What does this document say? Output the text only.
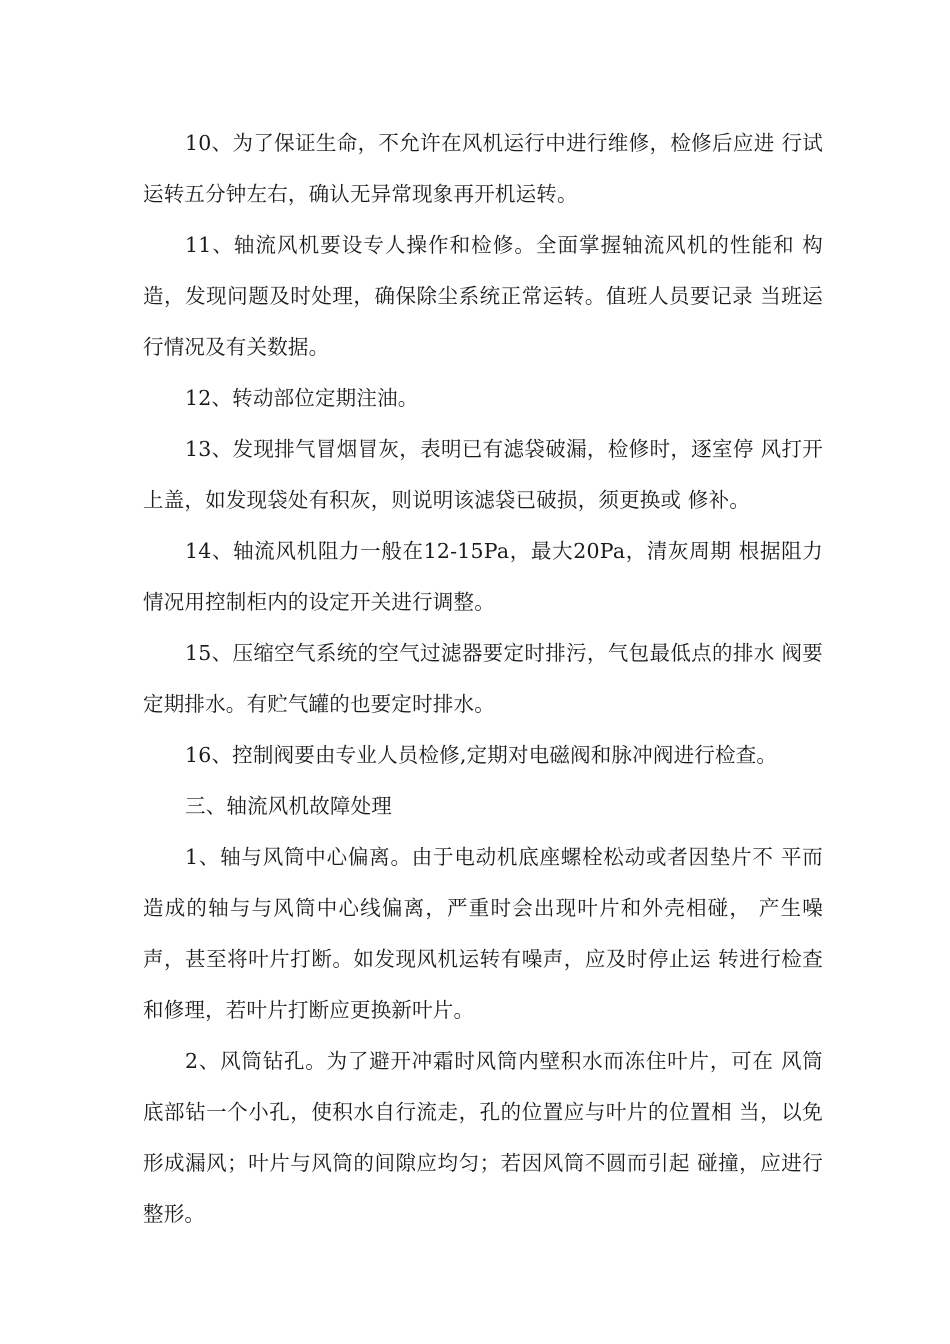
10、为了保证生命，不允许在风机运行中进行维修，检修后应进 行试运转五分钟左右，确认无异常现象再开机运转。

11、轴流风机要设专人操作和检修。全面掌握轴流风机的性能和 构造，发现问题及时处理，确保除尘系统正常运转。值班人员要记录 当班运行情况及有关数据。

12、转动部位定期注油。

13、发现排气冒烟冒灰，表明已有滤袋破漏，检修时，逐室停 风打开上盖，如发现袋处有积灰，则说明该滤袋已破损，须更换或 修补。

14、轴流风机阻力一般在12-15Pa，最大20Pa，清灰周期 根据阻力情况用控制柜内的设定开关进行调整。

15、压缩空气系统的空气过滤器要定时排污，气包最低点的排水 阀要定期排水。有贮气罐的也要定时排水。

16、控制阀要由专业人员检修,定期对电磁阀和脉冲阀进行检查。

三、轴流风机故障处理

1、轴与风筒中心偏离。由于电动机底座螺栓松动或者因垫片不 平而造成的轴与与风筒中心线偏离，严重时会出现叶片和外壳相碰， 产生噪声，甚至将叶片打断。如发现风机运转有噪声，应及时停止运 转进行检查和修理，若叶片打断应更换新叶片。

2、风筒钻孔。为了避开冲霜时风筒内壁积水而冻住叶片，可在 风筒底部钻一个小孔，使积水自行流走，孔的位置应与叶片的位置相 当，以免形成漏风；叶片与风筒的间隙应均匀；若因风筒不圆而引起 碰撞，应进行整形。
